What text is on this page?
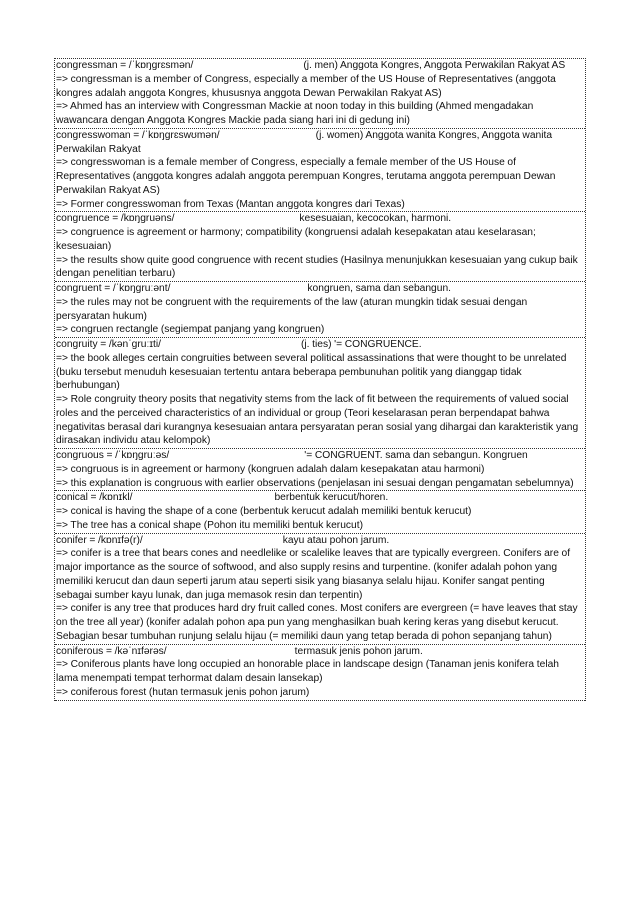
congressman = /ˈkɒŋɡrɛsmən/	(j. men) Anggota Kongres, Anggota Perwakilan Rakyat AS

=> congressman is a member of Congress, especially a member of the US House of Representatives (anggota kongres adalah anggota Kongres, khususnya anggota Dewan Perwakilan Rakyat AS)

=> Ahmed has an interview with Congressman Mackie at noon today in this building (Ahmed mengadakan wawancara dengan Anggota Kongres Mackie pada siang hari ini di gedung ini)

congresswoman = /ˈkɒŋɡrɛswʊmən/	(j. women) Anggota wanita Kongres, Anggota wanita Perwakilan Rakyat

=> congresswoman is a female member of Congress, especially a female member of the US House of Representatives (anggota kongres adalah anggota perempuan Kongres, terutama anggota perempuan Dewan Perwakilan Rakyat AS)

=> Former congresswoman from Texas (Mantan anggota kongres dari Texas)

congruence = /kɒŋɡruəns/	kesesuaian, kecocokan, harmoni.

=> congruence is agreement or harmony; compatibility (kongruensi adalah kesepakatan atau keselarasan; kesesuaian)

=> the results show quite good congruence with recent studies (Hasilnya menunjukkan kesesuaian yang cukup baik dengan penelitian terbaru)

congruent = /ˈkɒŋɡruːənt/	kongruen, sama dan sebangun.

=> the rules may not be congruent with the requirements of the law (aturan mungkin tidak sesuai dengan persyaratan hukum)

=> congruen rectangle (segiempat panjang yang kongruen)

congruity = /kənˈɡruːɪti/	(j. ties) '= CONGRUENCE.

=> the book alleges certain congruities between several political assassinations that were thought to be unrelated (buku tersebut menuduh kesesuaian tertentu antara beberapa pembunuhan politik yang dianggap tidak berhubungan)

=> Role congruity theory posits that negativity stems from the lack of fit between the requirements of valued social roles and the perceived characteristics of an individual or group (Teori keselarasan peran berpendapat bahwa negativitas berasal dari kurangnya kesesuaian antara persyaratan peran sosial yang dihargai dan karakteristik yang dirasakan individu atau kelompok)

congruous = /ˈkɒŋɡruːəs/	'= CONGRUENT. sama dan sebangun. Kongruen

=> congruous is in agreement or harmony (kongruen adalah dalam kesepakatan atau harmoni)

=> this explanation is congruous with earlier observations (penjelasan ini sesuai dengan pengamatan sebelumnya)

conical = /kɒnɪkl/	berbentuk kerucut/horen.

=> conical is having the shape of a cone (berbentuk kerucut adalah memiliki bentuk kerucut)

=> The tree has a conical shape (Pohon itu memiliki bentuk kerucut)

conifer = /kɒnɪfə(r)/	kayu atau pohon jarum.

=> conifer is a tree that bears cones and needlelike or scalelike leaves that are typically evergreen. Conifers are of major importance as the source of softwood, and also supply resins and turpentine. (konifer adalah pohon yang memiliki kerucut dan daun seperti jarum atau seperti sisik yang biasanya selalu hijau. Konifer sangat penting sebagai sumber kayu lunak, dan juga memasok resin dan terpentin)

=> conifer is any tree that produces hard dry fruit called cones. Most conifers are evergreen (= have leaves that stay on the tree all year) (konifer adalah pohon apa pun yang menghasilkan buah kering keras yang disebut kerucut. Sebagian besar tumbuhan runjung selalu hijau (= memiliki daun yang tetap berada di pohon sepanjang tahun)

coniferous = /kəˈnɪfərəs/	termasuk jenis pohon jarum.

=> Coniferous plants have long occupied an honorable place in landscape design (Tanaman jenis konifera telah lama menempati tempat terhormat dalam desain lansekap)

=> coniferous forest (hutan termasuk jenis pohon jarum)
